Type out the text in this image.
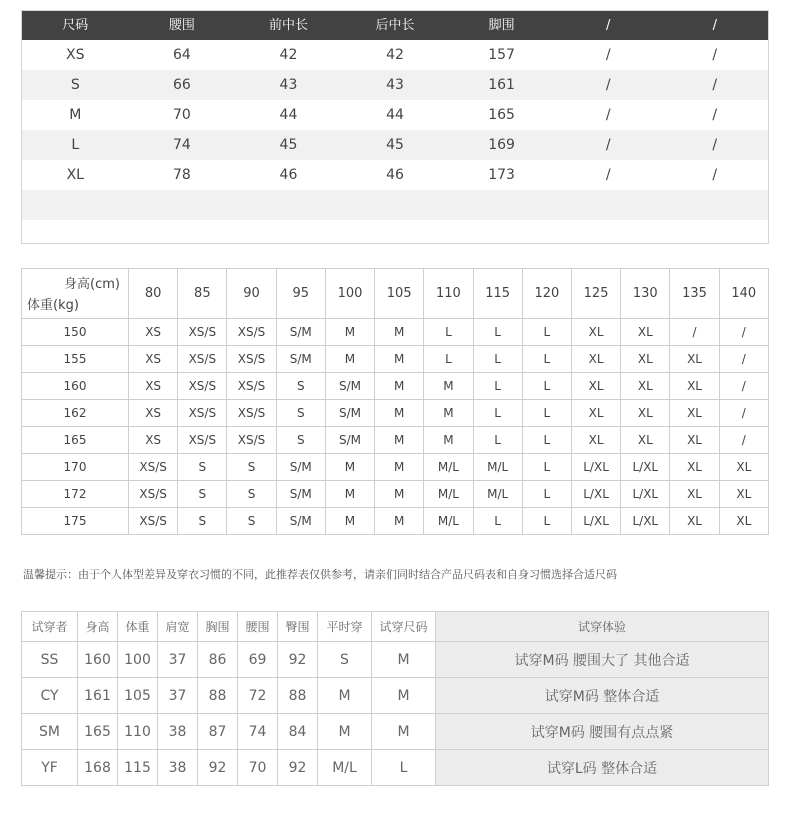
尺码	腰围	前中长	后中长	脚围	/	/
XS	64	42	42	157	/	/
S	66	43	43	161	/	/
M	70	44	44	165	/	/
L	74	45	45	169	/	/
XL	78	46	46	173	/	/
身高(cm)
体重(kg)	80	85	90	95	100	105	110	115	120	125	130	135	140
150	XS	XS/S	XS/S	S/M	M	M	L	L	L	XL	XL	/	/
155	XS	XS/S	XS/S	S/M	M	M	L	L	L	XL	XL	XL	/
160	XS	XS/S	XS/S	S	S/M	M	M	L	L	XL	XL	XL	/
162	XS	XS/S	XS/S	S	S/M	M	M	L	L	XL	XL	XL	/
165	XS	XS/S	XS/S	S	S/M	M	M	L	L	XL	XL	XL	/
170	XS/S	S	S	S/M	M	M	M/L	M/L	L	L/XL	L/XL	XL	XL
172	XS/S	S	S	S/M	M	M	M/L	M/L	L	L/XL	L/XL	XL	XL
175	XS/S	S	S	S/M	M	M	M/L	L	L	L/XL	L/XL	XL	XL
温馨提示：由于个人体型差异及穿衣习惯的不同，此推荐表仅供参考，请亲们同时结合产品尺码表和自身习惯选择合适尺码
试穿者	身高	体重	肩宽	胸围	腰围	臀围	平时穿	试穿尺码	试穿体验
SS	160	100	37	86	69	92	S	M	试穿M码 腰围大了 其他合适
CY	161	105	37	88	72	88	M	M	试穿M码 整体合适
SM	165	110	38	87	74	84	M	M	试穿M码 腰围有点点紧
YF	168	115	38	92	70	92	M/L	L	试穿L码 整体合适
